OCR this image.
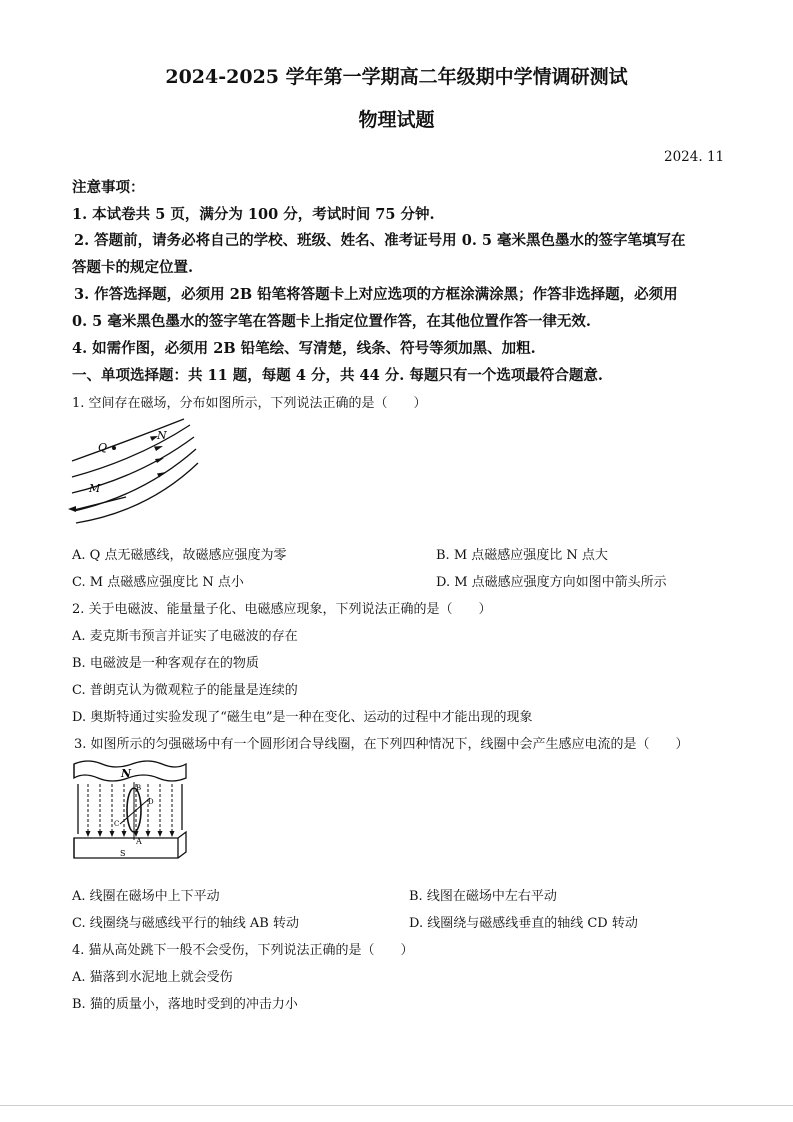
2024-2025 学年第一学期高二年级期中学情调研测试
物理试题
2024. 11
注意事项：
1. 本试卷共 5 页，满分为 100 分，考试时间 75 分钟.
2. 答题前，请务必将自己的学校、班级、姓名、准考证号用 0. 5 毫米黑色墨水的签字笔填写在
答题卡的规定位置.
3. 作答选择题，必须用 2B 铅笔将答题卡上对应选项的方框涂满涂黑；作答非选择题，必须用
0. 5 毫米黑色墨水的签字笔在答题卡上指定位置作答，在其他位置作答一律无效.
4. 如需作图，必须用 2B 铅笔绘、写清楚，线条、符号等须加黑、加粗.
一、单项选择题：共 11 题，每题 4 分，共 44 分. 每题只有一个选项最符合题意.
1. 空间存在磁场，分布如图所示，下列说法正确的是（　　）
Q
N
M
A. Q 点无磁感线，故磁感应强度为零	B. M 点磁感应强度比 N 点大
C. M 点磁感应强度比 N 点小	D. M 点磁感应强度方向如图中箭头所示
2. 关于电磁波、能量量子化、电磁感应现象，下列说法正确的是（　　）
A. 麦克斯韦预言并证实了电磁波的存在
B. 电磁波是一种客观存在的物质
C. 普朗克认为微观粒子的能量是连续的
D. 奥斯特通过实验发现了“磁生电”是一种在变化、运动的过程中才能出现的现象
3. 如图所示的匀强磁场中有一个圆形闭合导线圈，在下列四种情况下，线圈中会产生感应电流的是（　　）
N
S
A
B
C
D
A. 线圈在磁场中上下平动	B. 线图在磁场中左右平动
C. 线圈绕与磁感线平行的轴线 AB 转动	D. 线圈绕与磁感线垂直的轴线 CD 转动
4. 猫从高处跳下一般不会受伤，下列说法正确的是（　　）
A. 猫落到水泥地上就会受伤
B. 猫的质量小，落地时受到的冲击力小
